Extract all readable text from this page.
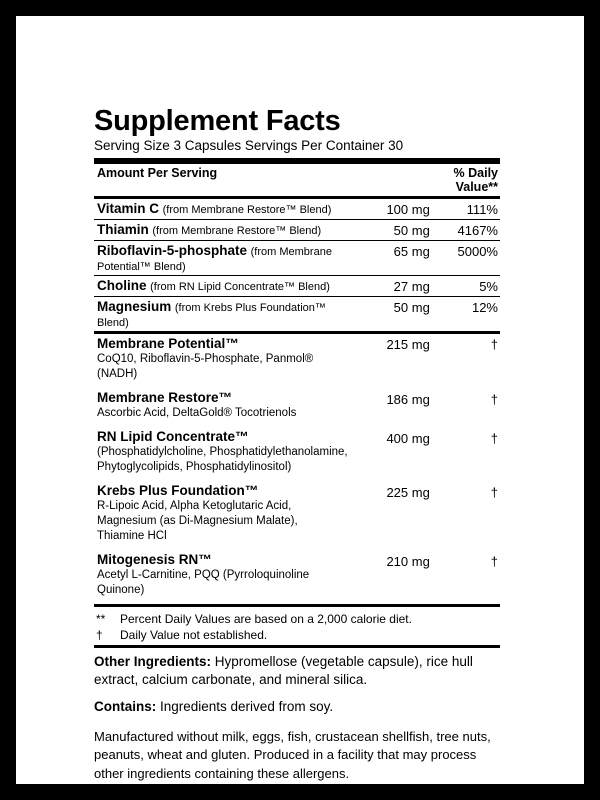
Supplement Facts
Serving Size 3 Capsules Servings Per Container 30
Amount Per Serving		% Daily Value**

Vitamin C (from Membrane Restore™ Blend)	100 mg	111%
Thiamin (from Membrane Restore™ Blend)	50 mg	4167%
Riboflavin-5-phosphate (from Membrane Potential™ Blend)	65 mg	5000%
Choline (from RN Lipid Concentrate™ Blend)	27 mg	5%
Magnesium (from Krebs Plus Foundation™ Blend)	50 mg	12%

Membrane Potential™
CoQ10, Riboflavin-5-Phosphate, Panmol® (NADH)	215 mg	†

Membrane Restore™
Ascorbic Acid, DeltaGold® Tocotrienols	186 mg	†

RN Lipid Concentrate™
(Phosphatidylcholine, Phosphatidylethanolamine, Phytoglycolipids, Phosphatidylinositol)	400 mg	†

Krebs Plus Foundation™
R-Lipoic Acid, Alpha Ketoglutaric Acid, Magnesium (as Di-Magnesium Malate), Thiamine HCl	225 mg	†

Mitogenesis RN™
Acetyl L-Carnitine, PQQ (Pyrroloquinoline Quinone)	210 mg	†
**	Percent Daily Values are based on a 2,000 calorie diet.
†	Daily Value not established.
Other Ingredients: Hypromellose (vegetable capsule), rice hull extract, calcium carbonate, and mineral silica.
Contains: Ingredients derived from soy.
Manufactured without milk, eggs, fish, crustacean shellfish, tree nuts, peanuts, wheat and gluten. Produced in a facility that may process other ingredients containing these allergens.
